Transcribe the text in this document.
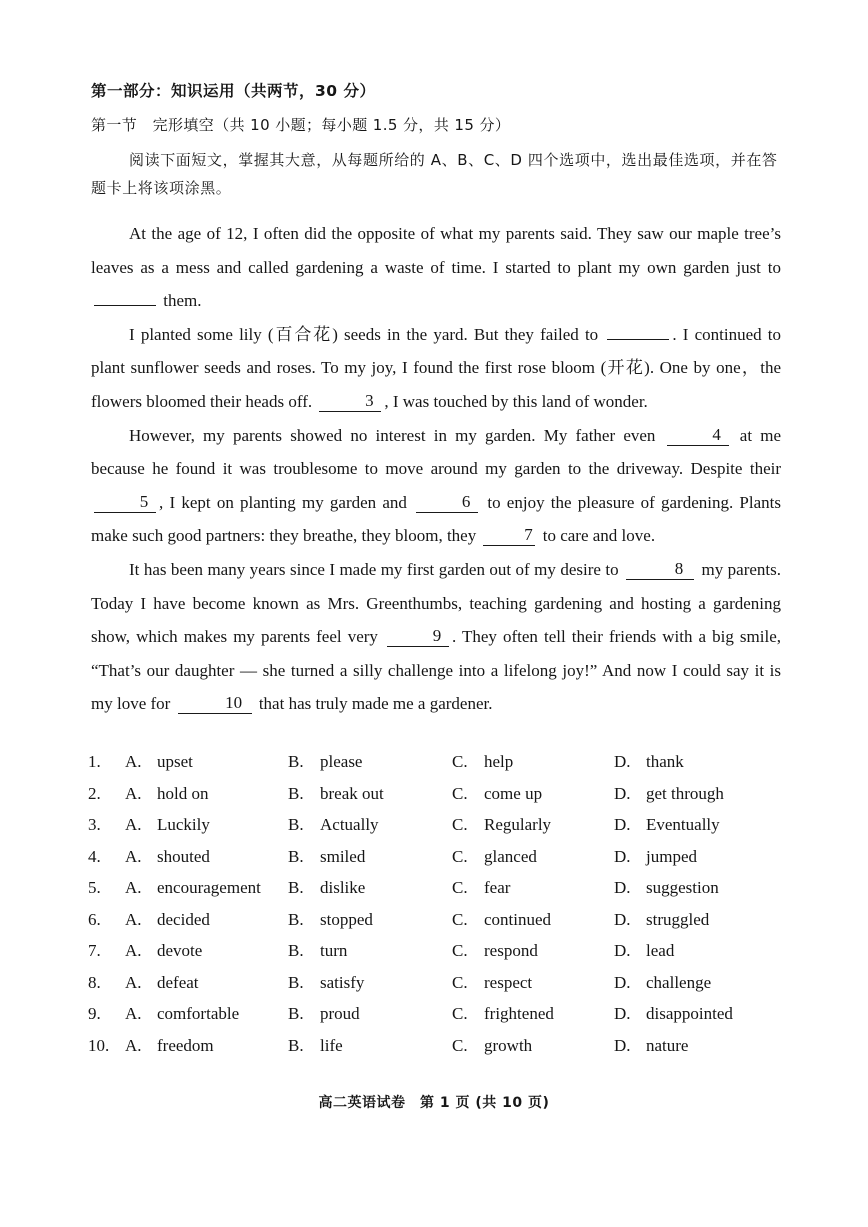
第一部分：知识运用（共两节，30 分）
第一节　完形填空（共 10 小题；每小题 1.5 分，共 15 分）
阅读下面短文，掌握其大意，从每题所给的 A、B、C、D 四个选项中，选出最佳选项，并在答题卡上将该项涂黑。

At the age of 12, I often did the opposite of what my parents said. They saw our maple tree’s leaves as a mess and called gardening a waste of time. I started to plant my own garden just to  them.

I planted some lily (百合花) seeds in the yard. But they failed to	. I continued to plant sunflower seeds and roses. To my joy, I found the first rose bloom (开花). One by one，the flowers bloomed their heads off.	3 , I was touched by this land of wonder.

However, my parents showed no interest in my garden. My father even	4 at me because he found it was troublesome to move around my garden to the driveway. Despite their 5 , I kept on planting my garden and	6 to enjoy the pleasure of gardening. Plants make such good partners: they breathe, they bloom, they	7 to care and love.

It has been many years since I made my first garden out of my desire to	8 my parents. Today I have become known as Mrs. Greenthumbs, teaching gardening and hosting a gardening show, which makes my parents feel very	9 . They often tell their friends with a big smile, “That’s our daughter — she turned a silly challenge into a lifelong joy!” And now I could say it is my love for	10 that has truly made me a gardener.

1.	A. upset	B. please	C. help	D. thank
2.	A. hold on	B. break out	C. come up	D. get through
3.	A. Luckily	B. Actually	C. Regularly	D. Eventually
4.	A. shouted	B. smiled	C. glanced	D. jumped
5.	A. encouragement B. dislike	C. fear	D. suggestion
6.	A. decided	B. stopped	C. continued	D. struggled
7.	A. devote	B. turn	C. respond	D. lead
8.	A. defeat	B. satisfy	C. respect	D. challenge
9.	A. comfortable	B. proud	C. frightened	D. disappointed
10. A. freedom	B. life	C. growth	D. nature
高二英语试卷　第 1 页 (共 10 页)
